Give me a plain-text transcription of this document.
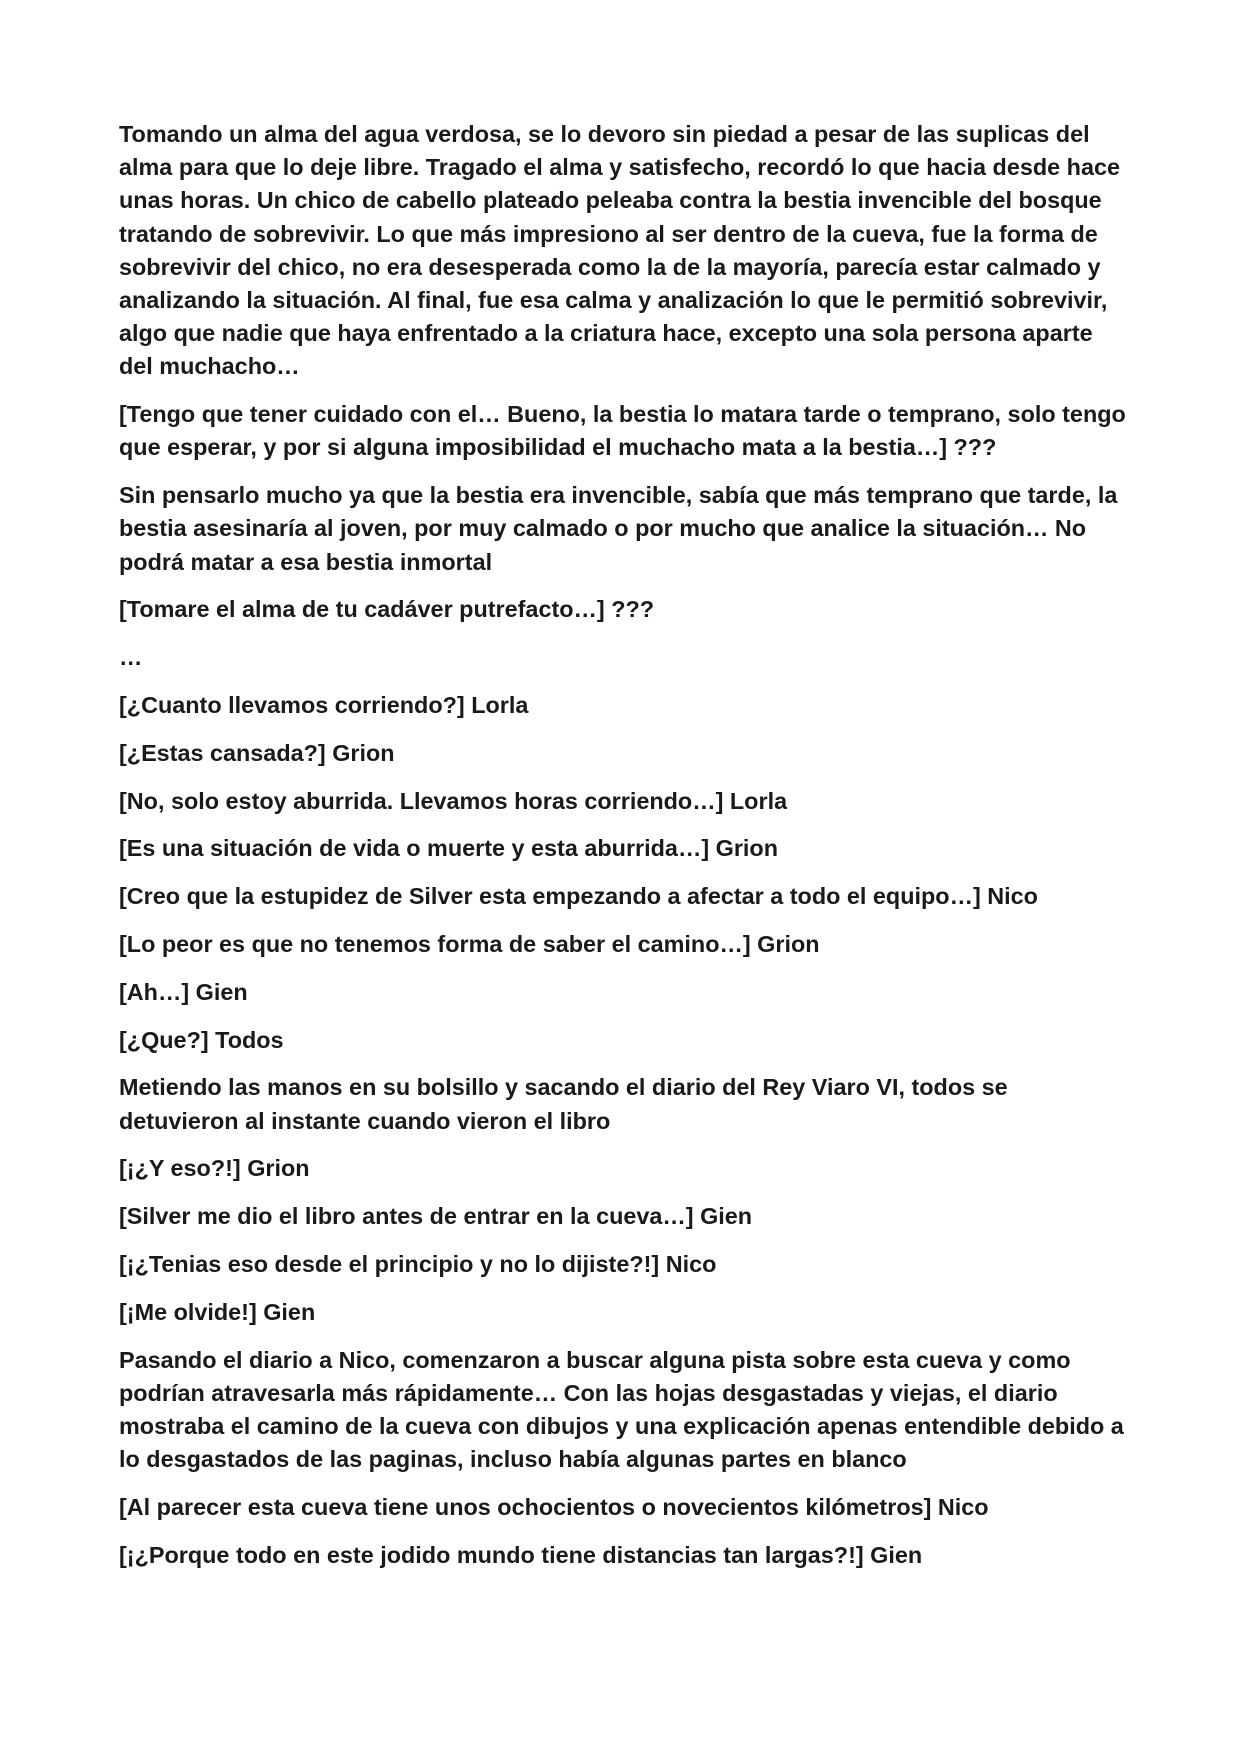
Tomando un alma del agua verdosa, se lo devoro sin piedad a pesar de las suplicas del alma para que lo deje libre. Tragado el alma y satisfecho, recordó lo que hacia desde hace unas horas. Un chico de cabello plateado peleaba contra la bestia invencible del bosque tratando de sobrevivir. Lo que más impresiono al ser dentro de la cueva, fue la forma de sobrevivir del chico, no era desesperada como la de la mayoría, parecía estar calmado y analizando la situación. Al final, fue esa calma y analización lo que le permitió sobrevivir, algo que nadie que haya enfrentado a la criatura hace, excepto una sola persona aparte del muchacho…

[Tengo que tener cuidado con el… Bueno, la bestia lo matara tarde o temprano, solo tengo que esperar, y por si alguna imposibilidad el muchacho mata a la bestia…] ???

Sin pensarlo mucho ya que la bestia era invencible, sabía que más temprano que tarde, la bestia asesinaría al joven, por muy calmado o por mucho que analice la situación… No podrá matar a esa bestia inmortal

[Tomare el alma de tu cadáver putrefacto…] ???

…

[¿Cuanto llevamos corriendo?] Lorla

[¿Estas cansada?] Grion

[No, solo estoy aburrida. Llevamos horas corriendo…] Lorla

[Es una situación de vida o muerte y esta aburrida…] Grion

[Creo que la estupidez de Silver esta empezando a afectar a todo el equipo…] Nico

[Lo peor es que no tenemos forma de saber el camino…] Grion

[Ah…] Gien

[¿Que?] Todos

Metiendo las manos en su bolsillo y sacando el diario del Rey Viaro VI, todos se detuvieron al instante cuando vieron el libro

[¡¿Y eso?!] Grion

[Silver me dio el libro antes de entrar en la cueva…] Gien

[¡¿Tenias eso desde el principio y no lo dijiste?!] Nico

[¡Me olvide!] Gien

Pasando el diario a Nico, comenzaron a buscar alguna pista sobre esta cueva y como podrían atravesarla más rápidamente… Con las hojas desgastadas y viejas, el diario mostraba el camino de la cueva con dibujos y una explicación apenas entendible debido a lo desgastados de las paginas, incluso había algunas partes en blanco

[Al parecer esta cueva tiene unos ochocientos o novecientos kilómetros] Nico

[¡¿Porque todo en este jodido mundo tiene distancias tan largas?!] Gien
